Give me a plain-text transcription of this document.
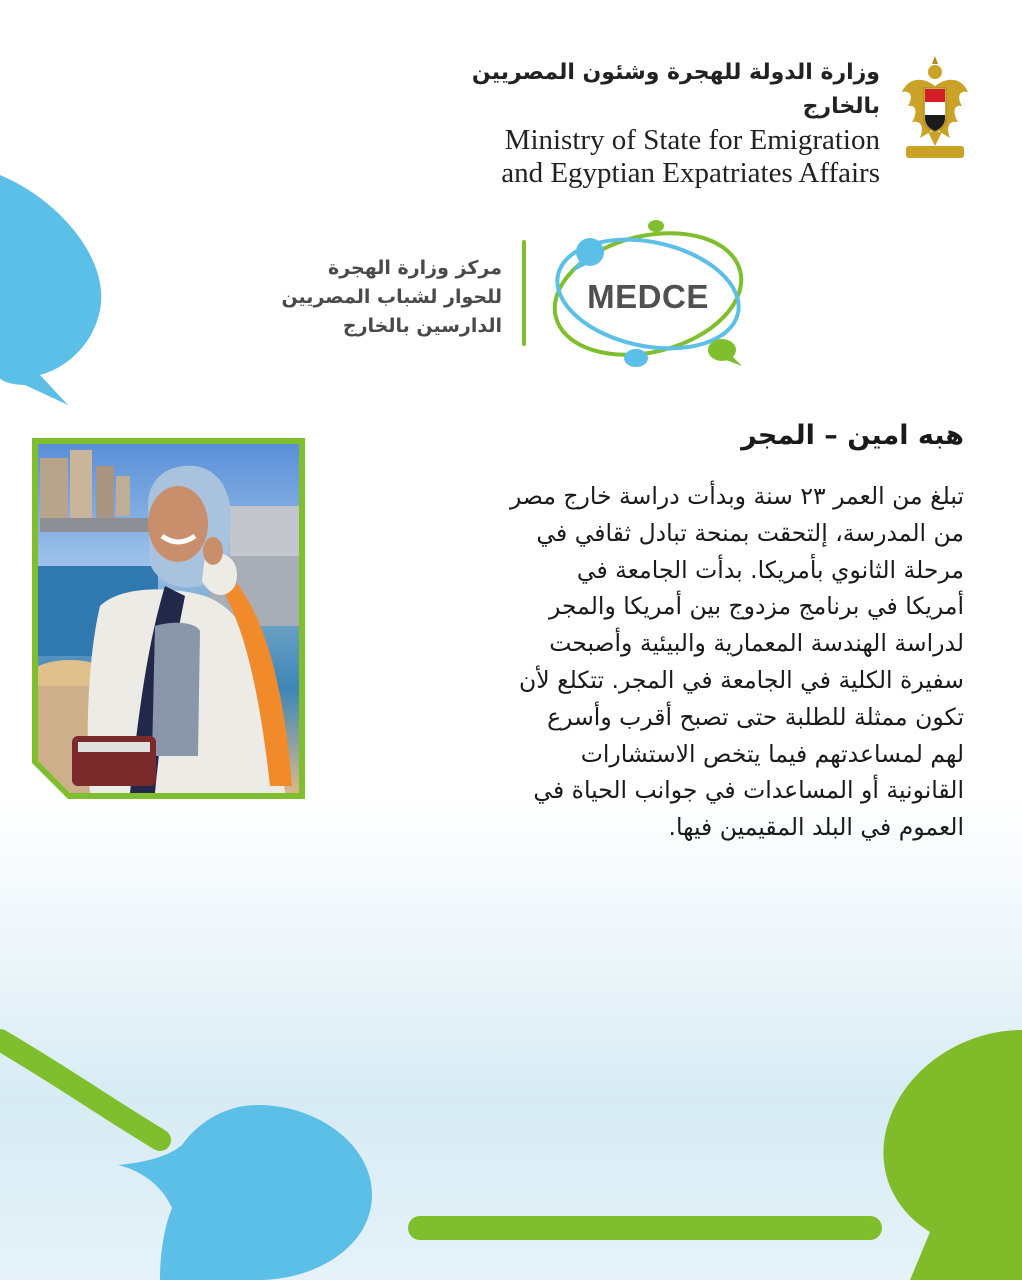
وزارة الدولة للهجرة وشئون المصريين بالخارج
Ministry of State for Emigration
and Egyptian Expatriates Affairs
مركز وزارة الهجرة
للحوار لشباب المصريين
الدارسين بالخارج
MEDCE
هبه امين – المجر
تبلغ من العمر ٢٣ سنة وبدأت دراسة خارج مصر
من المدرسة، إلتحقت بمنحة تبادل ثقافي في
مرحلة الثانوي بأمريكا. بدأت الجامعة في
أمريكا في برنامج مزدوج بين أمريكا والمجر
لدراسة الهندسة المعمارية والبيئية وأصبحت
سفيرة الكلية في الجامعة في المجر. تتكلع لأن
تكون ممثلة للطلبة حتى تصبح أقرب وأسرع
لهم لمساعدتهم فيما يتخص الاستشارات
القانونية أو المساعدات في جوانب الحياة في
العموم في البلد المقيمين فيها.
